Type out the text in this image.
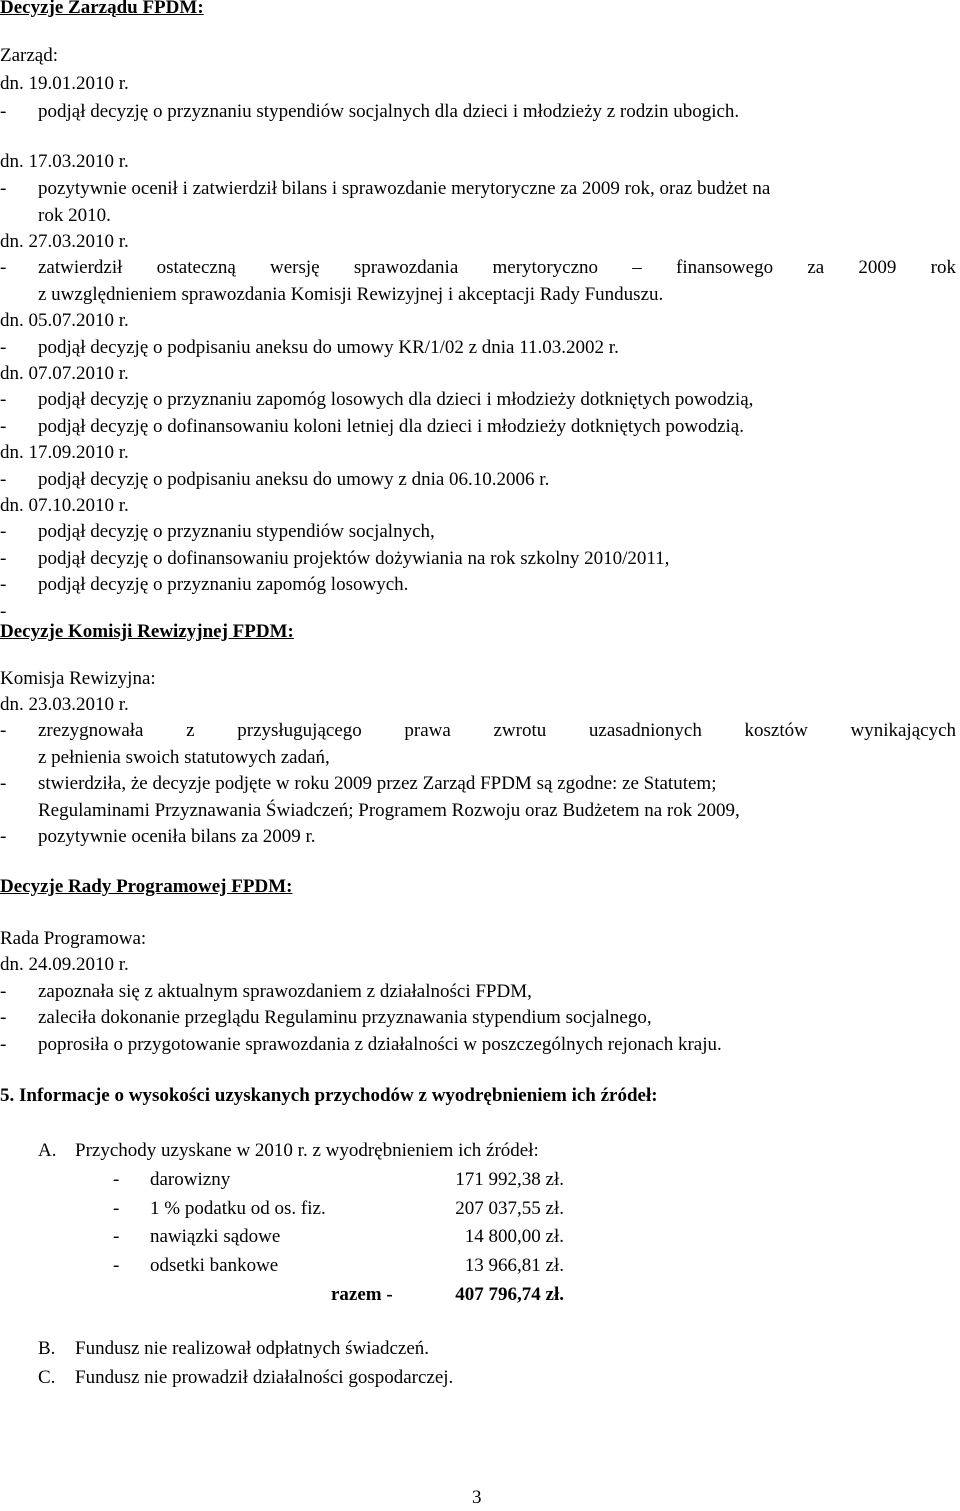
Decyzje Zarządu FPDM:
Zarząd:
dn. 19.01.2010 r.
- podjął decyzję o przyznaniu stypendiów socjalnych dla dzieci i młodzieży z rodzin ubogich.
dn. 17.03.2010 r.
- pozytywnie ocenił i zatwierdził bilans i sprawozdanie merytoryczne za 2009 rok, oraz budżet na
rok 2010.
dn. 27.03.2010 r.
- zatwierdził ostateczną wersję sprawozdania merytoryczno – finansowego za 2009 rok
z uwzględnieniem sprawozdania Komisji Rewizyjnej i akceptacji Rady Funduszu.
dn. 05.07.2010 r.
- podjął decyzję o podpisaniu aneksu do umowy KR/1/02 z dnia 11.03.2002 r.
dn. 07.07.2010 r.
- podjął decyzję o przyznaniu zapomóg losowych dla dzieci i młodzieży dotkniętych powodzią,
- podjął decyzję o dofinansowaniu koloni letniej dla dzieci i młodzieży dotkniętych powodzią.
dn. 17.09.2010 r.
- podjął decyzję o podpisaniu aneksu do umowy z dnia 06.10.2006 r.
dn. 07.10.2010 r.
- podjął decyzję o przyznaniu stypendiów socjalnych,
- podjął decyzję o dofinansowaniu projektów dożywiania na rok szkolny 2010/2011,
- podjął decyzję o przyznaniu zapomóg losowych.
-
Decyzje Komisji Rewizyjnej FPDM:
Komisja Rewizyjna:
dn. 23.03.2010 r.
- zrezygnowała z przysługującego prawa zwrotu uzasadnionych kosztów wynikających
z pełnienia swoich statutowych zadań,
- stwierdziła, że decyzje podjęte w roku 2009 przez Zarząd FPDM są zgodne: ze Statutem;
Regulaminami Przyznawania Świadczeń; Programem Rozwoju oraz Budżetem na rok 2009,
- pozytywnie oceniła bilans za 2009 r.
Decyzje Rady Programowej FPDM:
Rada Programowa:
dn. 24.09.2010 r.
- zapoznała się z aktualnym sprawozdaniem z działalności FPDM,
- zaleciła dokonanie przeglądu Regulaminu przyznawania stypendium socjalnego,
- poprosiła o przygotowanie sprawozdania z działalności w poszczególnych rejonach kraju.
5. Informacje o wysokości uzyskanych przychodów z wyodrębnieniem ich źródeł:
A. Przychody uzyskane w 2010 r. z wyodrębnieniem ich źródeł:
- darowizny	171 992,38 zł.
- 1 % podatku od os. fiz.	207 037,55 zł.
- nawiązki sądowe	14 800,00 zł.
- odsetki bankowe	13 966,81 zł.
razem -	407 796,74 zł.
B. Fundusz nie realizował odpłatnych świadczeń.
C. Fundusz nie prowadził działalności gospodarczej.
3
